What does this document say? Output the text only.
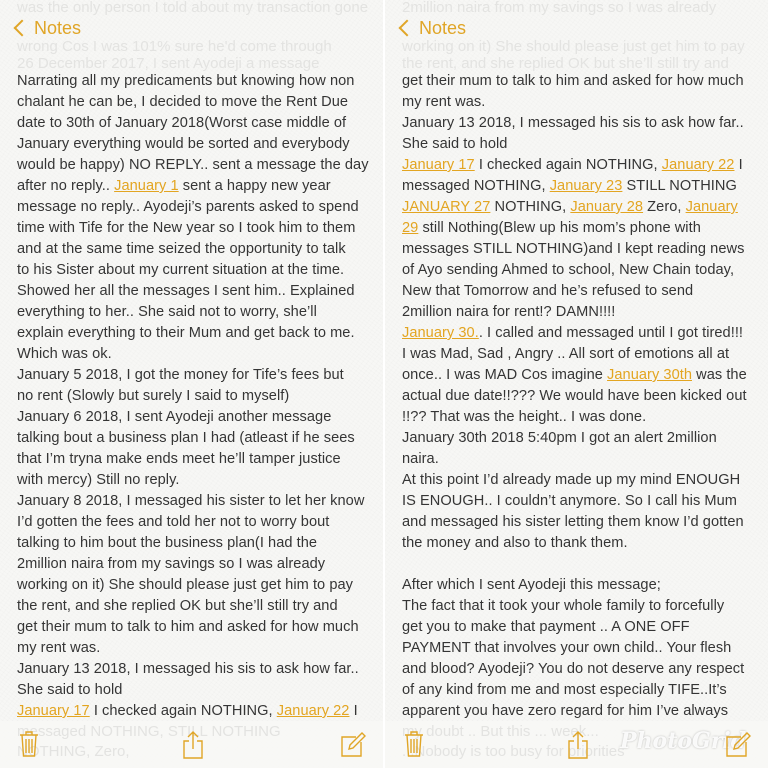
was the only person I told about my transaction gone
wrong Cos I was 101% sure he'd come through
26 December 2017, I sent Ayodeji a message
messaged NOTHING, STILL NOTHING
NOTHING, Zero,
Narrating all my predicaments but knowing how non
chalant he can be, I decided to move the Rent Due
date to 30th of January 2018(Worst case middle of
January everything would be sorted and everybody
would be happy) NO REPLY.. sent a message the day
after no reply.. January 1 sent a happy new year
message no reply.. Ayodeji’s parents asked to spend
time with Tife for the New year so I took him to them
and at the same time seized the opportunity to talk
to his Sister about my current situation at the time.
Showed her all the messages I sent him.. Explained
everything to her.. She said not to worry, she’ll
explain everything to their Mum and get back to me.
Which was ok.
January 5 2018, I got the money for Tife’s fees but
no rent (Slowly but surely I said to myself)
January 6 2018, I sent Ayodeji another message
talking bout a business plan I had (atleast if he sees
that I’m tryna make ends meet he’ll tamper justice
with mercy) Still no reply.
January 8 2018, I messaged his sister to let her know
I’d gotten the fees and told her not to worry bout
talking to him bout the business plan(I had the
2million naira from my savings so I was already
working on it) She should please just get him to pay
the rent, and she replied OK but she’ll still try and
get their mum to talk to him and asked for how much
my rent was.
January 13 2018, I messaged his sis to ask how far..
She said to hold
January 17 I checked again NOTHING, January 22 I
Notes
2million naira from my savings so I was already
working on it) She should please just get him to pay
the rent, and she replied OK but she’ll still try and
my doubt .. But this ... week...
...Nobody is too busy for priorities
get their mum to talk to him and asked for how much
my rent was.
January 13 2018, I messaged his sis to ask how far..
She said to hold
January 17 I checked again NOTHING, January 22 I
messaged NOTHING, January 23 STILL NOTHING
JANUARY 27 NOTHING, January 28 Zero, January
29 still Nothing(Blew up his mom’s phone with
messages STILL NOTHING)and I kept reading news
of Ayo sending Ahmed to school, New Chain today,
New that Tomorrow and he’s refused to send
2million naira for rent!? DAMN!!!!
January 30.. I called and messaged until I got tired!!!
I was Mad, Sad , Angry .. All sort of emotions all at
once.. I was MAD Cos imagine January 30th was the
actual due date!!??? We would have been kicked out
!!?? That was the height.. I was done.
January 30th 2018 5:40pm I got an alert 2million
naira.
At this point I’d already made up my mind ENOUGH
IS ENOUGH.. I couldn’t anymore. So I call his Mum
and messaged his sister letting them know I’d gotten
the money and also to thank them.
After which I sent Ayodeji this message;
The fact that it took your whole family to forcefully
get you to make that payment .. A ONE OFF
PAYMENT that involves your own child.. Your flesh
and blood? Ayodeji? You do not deserve any respect
of any kind from me and most especially TIFE..It’s
apparent you have zero regard for him I’ve always
Notes
PhotoGrid
